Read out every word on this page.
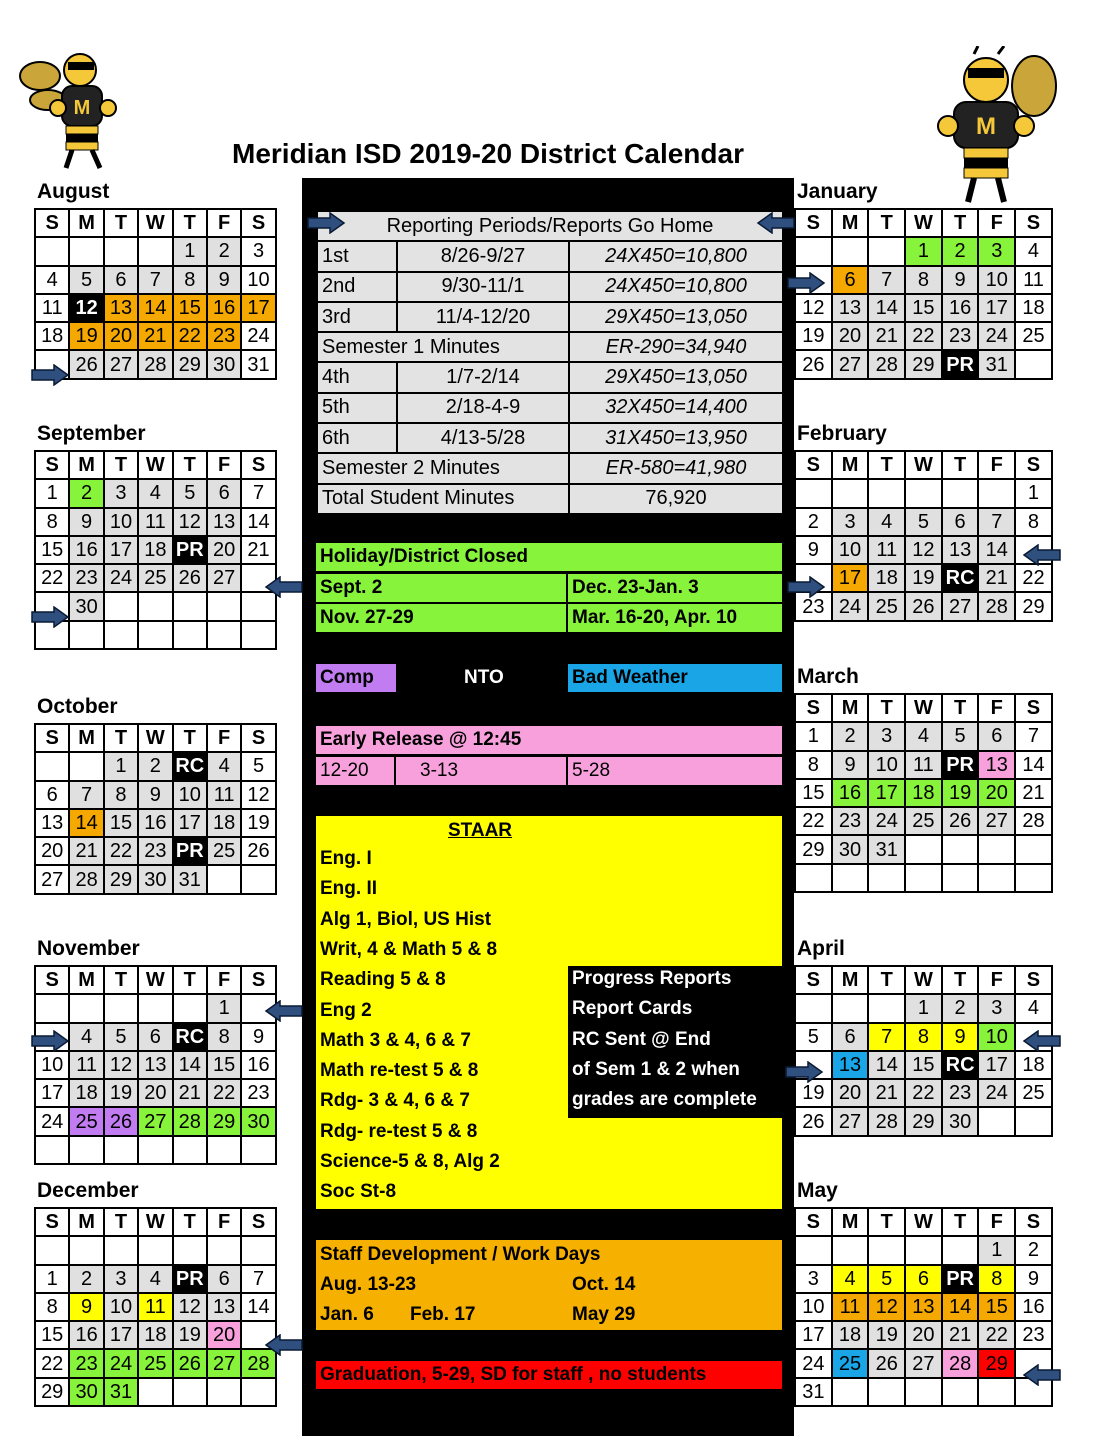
Meridian ISD 2019-20 District Calendar
M
M
Reporting Periods/Reports Go Home		
1st	8/26-9/27	24X450=10,800
2nd	9/30-11/1	24X450=10,800
3rd	11/4-12/20	29X450=13,050
Semester 1 Minutes		ER-290=34,940
4th	1/7-2/14	29X450=13,050
5th	2/18-4-9	32X450=14,400
6th	4/13-5/28	31X450=13,950
Semester 2 Minutes		ER-580=41,980
Total Student Minutes		76,920
Holiday/District Closed
Sept. 2	Dec. 23-Jan. 3
Nov. 27-29	Mar. 16-20, Apr. 10
Comp	NTO	Bad Weather
Early Release @ 12:45
12-20	3-13	5-28
STAAR
Eng. I
Eng. II
Alg 1, Biol, US Hist
Writ, 4 & Math 5 & 8
Reading 5 & 8
Eng 2
Math 3 & 4, 6 & 7
Math re-test 5 & 8
Rdg- 3 & 4, 6 & 7
Rdg- re-test 5 & 8
Science-5 & 8, Alg 2
Soc St-8
Progress Reports
Report Cards
RC Sent @ End
of Sem 1 & 2 when
grades are complete
Staff Development / Work Days
Aug. 13-23	Oct. 14
Jan. 6 Feb. 17	May 29
Graduation, 5-29, SD for staff , no students
August
S	M	T	W	T	F	S
				1	2	3
4	5	6	7	8	9	10
11	12	13	14	15	16	17
18	19	20	21	22	23	24
	26	27	28	29	30	31
September
S	M	T	W	T	F	S
1	2	3	4	5	6	7
8	9	10	11	12	13	14
15	16	17	18	PR	20	21
22	23	24	25	26	27	
	30					

October
S	M	T	W	T	F	S
		1	2	RC	4	5
6	7	8	9	10	11	12
13	14	15	16	17	18	19
20	21	22	23	PR	25	26
27	28	29	30	31		
November
S	M	T	W	T	F	S
					1	
	4	5	6	RC	8	9
10	11	12	13	14	15	16
17	18	19	20	21	22	23
24	25	26	27	28	29	30

December
S	M	T	W	T	F	S

1	2	3	4	PR	6	7
8	9	10	11	12	13	14
15	16	17	18	19	20	
22	23	24	25	26	27	28
29	30	31				
January
S	M	T	W	T	F	S
			1	2	3	4
	6	7	8	9	10	11
12	13	14	15	16	17	18
19	20	21	22	23	24	25
26	27	28	29	PR	31	
February
S	M	T	W	T	F	S
						1
2	3	4	5	6	7	8
9	10	11	12	13	14	
	17	18	19	RC	21	22
23	24	25	26	27	28	29
March
S	M	T	W	T	F	S
1	2	3	4	5	6	7
8	9	10	11	PR	13	14
15	16	17	18	19	20	21
22	23	24	25	26	27	28
29	30	31				

April
S	M	T	W	T	F	S
			1	2	3	4
5	6	7	8	9	10	
	13	14	15	RC	17	18
19	20	21	22	23	24	25
26	27	28	29	30		
May
S	M	T	W	T	F	S
					1	2
3	4	5	6	PR	8	9
10	11	12	13	14	15	16
17	18	19	20	21	22	23
24	25	26	27	28	29	
31						
